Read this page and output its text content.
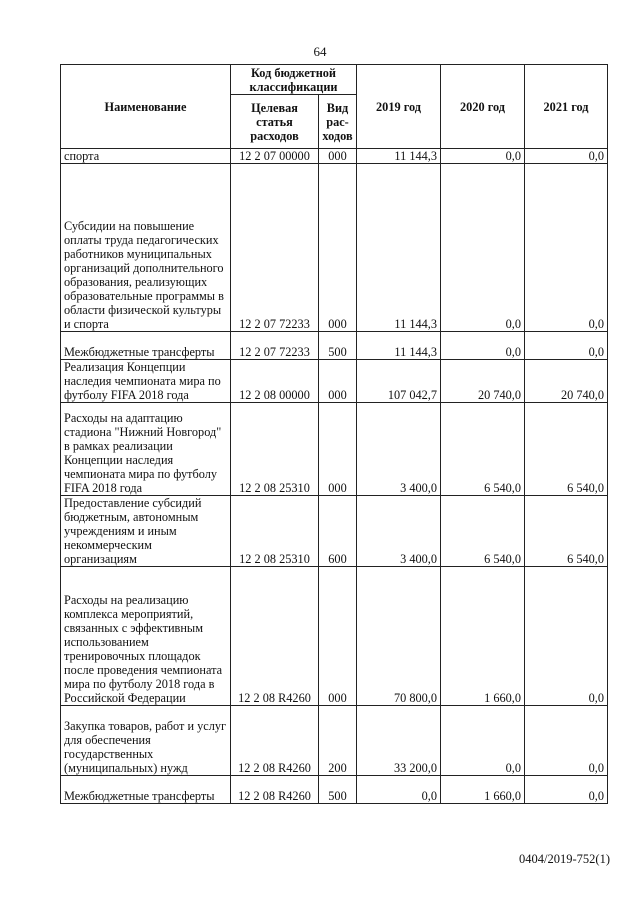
64
Наименование	Код бюджетной классификации		2019 год	2020 год	2021 год
	Целевая статья расходов	Вид рас-ходов			
спорта	12 2 07 00000	000	11 144,3	0,0	0,0
Субсидии на повышение оплаты труда педагогических работников муниципальных организаций дополнительного образования, реализующих образовательные программы в области физической культуры и спорта	12 2 07 72233	000	11 144,3	0,0	0,0
Межбюджетные трансферты	12 2 07 72233	500	11 144,3	0,0	0,0
Реализация Концепции наследия чемпионата мира по футболу FIFA 2018 года	12 2 08 00000	000	107 042,7	20 740,0	20 740,0
Расходы на адаптацию стадиона "Нижний Новгород" в рамках реализации Концепции наследия чемпионата мира по футболу FIFA 2018 года	12 2 08 25310	000	3 400,0	6 540,0	6 540,0
Предоставление субсидий бюджетным, автономным учреждениям и иным некоммерческим организациям	12 2 08 25310	600	3 400,0	6 540,0	6 540,0
Расходы на реализацию комплекса мероприятий, связанных с эффективным использованием тренировочных площадок после проведения чемпионата мира по футболу 2018 года в Российской Федерации	12 2 08 R4260	000	70 800,0	1 660,0	0,0
Закупка товаров, работ и услуг для обеспечения государственных (муниципальных) нужд	12 2 08 R4260	200	33 200,0	0,0	0,0
Межбюджетные трансферты	12 2 08 R4260	500	0,0	1 660,0	0,0
0404/2019-752(1)
